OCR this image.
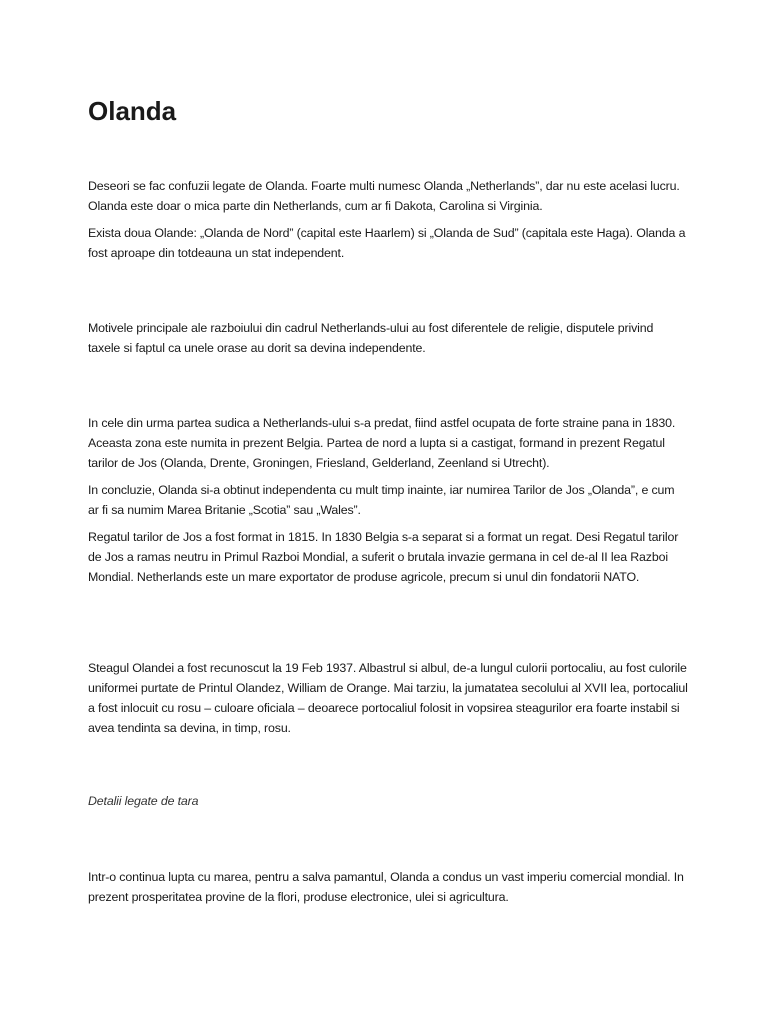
Olanda

Deseori se fac confuzii legate de Olanda. Foarte multi numesc Olanda „Netherlands”, dar nu este acelasi lucru. Olanda este doar o mica parte din Netherlands, cum ar fi Dakota, Carolina si Virginia.

Exista doua Olande: „Olanda de Nord” (capital este Haarlem) si „Olanda de Sud” (capitala este Haga). Olanda a fost aproape din totdeauna un stat independent.

Motivele principale ale razboiului din cadrul Netherlands-ului au fost diferentele de religie, disputele privind taxele si faptul ca unele orase au dorit sa devina independente.

In cele din urma partea sudica a Netherlands-ului s-a predat, fiind astfel ocupata de forte straine pana in 1830. Aceasta zona este numita in prezent Belgia. Partea de nord a lupta si a castigat, formand in prezent Regatul tarilor de Jos (Olanda, Drente, Groningen, Friesland, Gelderland, Zeenland si Utrecht).

In concluzie, Olanda si-a obtinut independenta cu mult timp inainte, iar numirea Tarilor de Jos „Olanda”, e cum ar fi sa numim Marea Britanie „Scotia” sau „Wales”.

Regatul tarilor de Jos a fost format in 1815. In 1830 Belgia s-a separat si a format un regat. Desi Regatul tarilor de Jos a ramas neutru in Primul Razboi Mondial, a suferit o brutala invazie germana in cel de-al II lea Razboi Mondial. Netherlands este un mare exportator de produse agricole, precum si unul din fondatorii NATO.

Steagul Olandei a fost recunoscut la 19 Feb 1937. Albastrul si albul, de-a lungul culorii portocaliu, au fost culorile uniformei purtate de Printul Olandez, William de Orange. Mai tarziu, la jumatatea secolului al XVII lea, portocaliul a fost inlocuit cu rosu – culoare oficiala – deoarece portocaliul folosit in vopsirea steagurilor era foarte instabil si avea tendinta sa devina, in timp, rosu.

Detalii legate de tara

Intr-o continua lupta cu marea, pentru a salva pamantul, Olanda a condus un vast imperiu comercial mondial. In prezent prosperitatea provine de la flori, produse electronice, ulei si agricultura.
